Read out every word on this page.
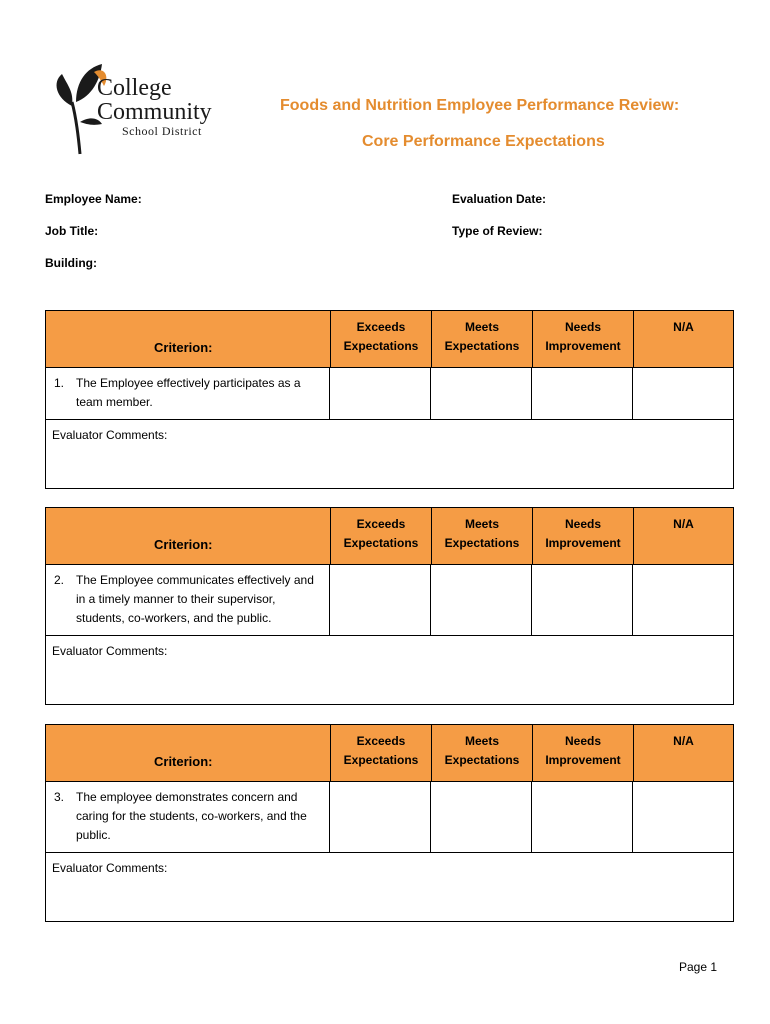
College
Community
School District
Foods and Nutrition Employee Performance Review:
Core Performance Expectations
Employee Name:	Evaluation Date:
Job Title:	Type of Review:
Building:
Criterion:
Exceeds Expectations
Meets Expectations
Needs Improvement
N/A
1. The Employee effectively participates as a team member.
Evaluator Comments:
Criterion:
Exceeds Expectations
Meets Expectations
Needs Improvement
N/A
2. The Employee communicates effectively and in a timely manner to their supervisor, students, co-workers, and the public.
Evaluator Comments:
Criterion:
Exceeds Expectations
Meets Expectations
Needs Improvement
N/A
3. The employee demonstrates concern and caring for the students, co-workers, and the public.
Evaluator Comments:
Page 1
